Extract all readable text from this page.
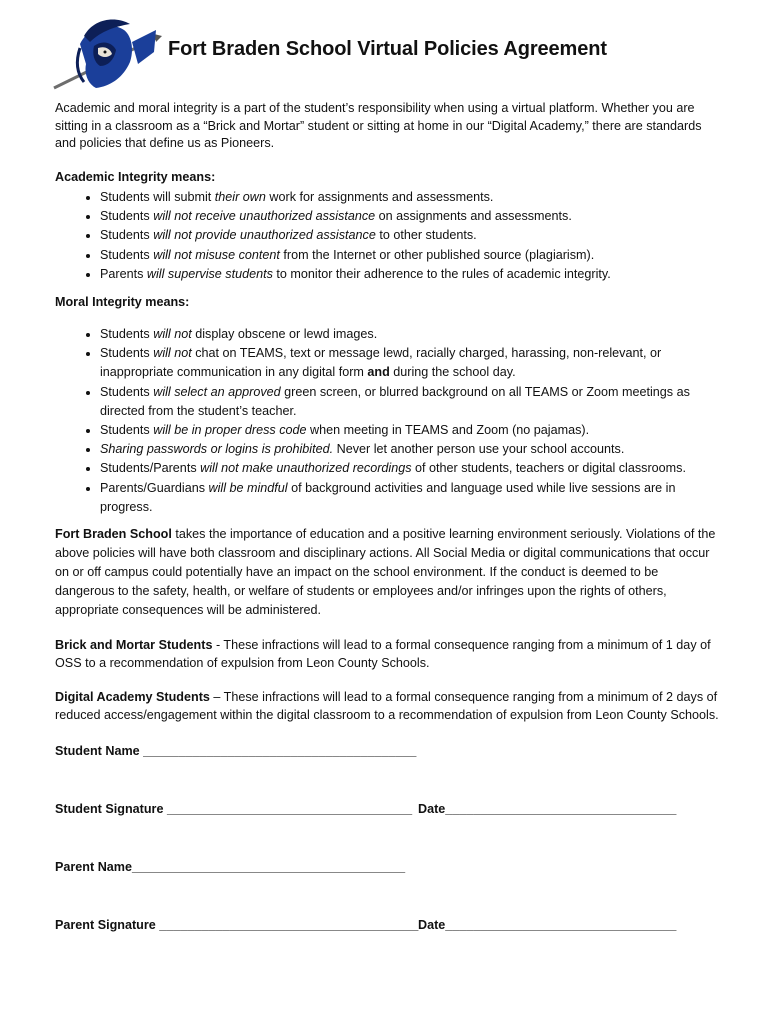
Fort Braden School Virtual Policies Agreement

Academic and moral integrity is a part of the student’s responsibility when using a virtual platform. Whether you are sitting in a classroom as a “Brick and Mortar” student or sitting at home in our “Digital Academy,” there are standards and policies that define us as Pioneers.

Academic Integrity means:

• Students will submit their own work for assignments and assessments.
• Students will not receive unauthorized assistance on assignments and assessments.
• Students will not provide unauthorized assistance to other students.
• Students will not misuse content from the Internet or other published source (plagiarism).
• Parents will supervise students to monitor their adherence to the rules of academic integrity.

Moral Integrity means:

• Students will not display obscene or lewd images.
• Students will not chat on TEAMS, text or message lewd, racially charged, harassing, non-relevant, or inappropriate communication in any digital form and during the school day.
• Students will select an approved green screen, or blurred background on all TEAMS or Zoom meetings as directed from the student’s teacher.
• Students will be in proper dress code when meeting in TEAMS and Zoom (no pajamas).
• Sharing passwords or logins is prohibited. Never let another person use your school accounts.
• Students/Parents will not make unauthorized recordings of other students, teachers or digital classrooms.
• Parents/Guardians will be mindful of background activities and language used while live sessions are in progress.

Fort Braden School takes the importance of education and a positive learning environment seriously. Violations of the above policies will have both classroom and disciplinary actions. All Social Media or digital communications that occur on or off campus could potentially have an impact on the school environment. If the conduct is deemed to be dangerous to the safety, health, or welfare of students or employees and/or infringes upon the rights of others, appropriate consequences will be administered.

Brick and Mortar Students - These infractions will lead to a formal consequence ranging from a minimum of 1 day of OSS to a recommendation of expulsion from Leon County Schools.

Digital Academy Students – These infractions will lead to a formal consequence ranging from a minimum of 2 days of reduced access/engagement within the digital classroom to a recommendation of expulsion from Leon County Schools.

Student Name _______________________________________
Student Signature ___________________________________ Date_________________________________
Parent Name_______________________________________
Parent Signature _____________________________________ Date_________________________________
